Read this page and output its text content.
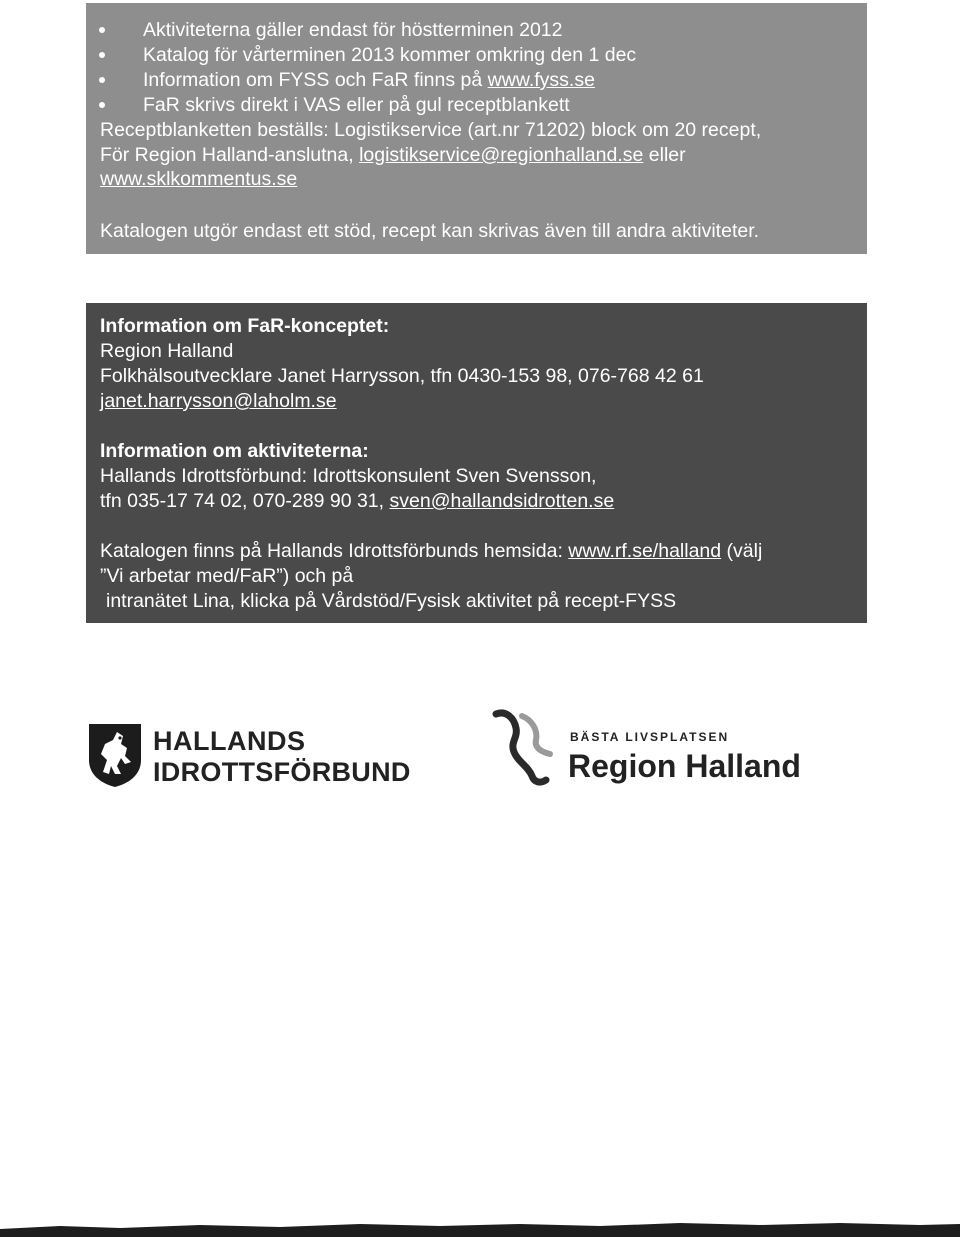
Aktiviteterna gäller endast för höstterminen 2012
Katalog för vårterminen 2013 kommer omkring den 1 dec
Information om FYSS och FaR finns på www.fyss.se
FaR skrivs direkt i VAS eller på gul receptblankett
Receptblanketten beställs: Logistikservice (art.nr 71202) block om 20 recept,
För Region Halland-anslutna, logistikservice@regionhalland.se eller
www.sklkommentus.se
Katalogen utgör endast ett stöd, recept kan skrivas även till andra aktiviteter.
Information om FaR-konceptet:
Region Halland
Folkhälsoutvecklare Janet Harrysson, tfn 0430-153 98, 076-768 42 61
janet.harrysson@laholm.se
Information om aktiviteterna:
Hallands Idrottsförbund: Idrottskonsulent Sven Svensson,
tfn 035-17 74 02, 070-289 90 31, sven@hallandsidrotten.se
Katalogen finns på Hallands Idrottsförbunds hemsida: www.rf.se/halland (välj
”Vi arbetar med/FaR”) och på
intranätet Lina, klicka på Vårdstöd/Fysisk aktivitet på recept-FYSS
HALLANDS
IDROTTSFÖRBUND
BÄSTA LIVSPLATSEN
Region Halland
